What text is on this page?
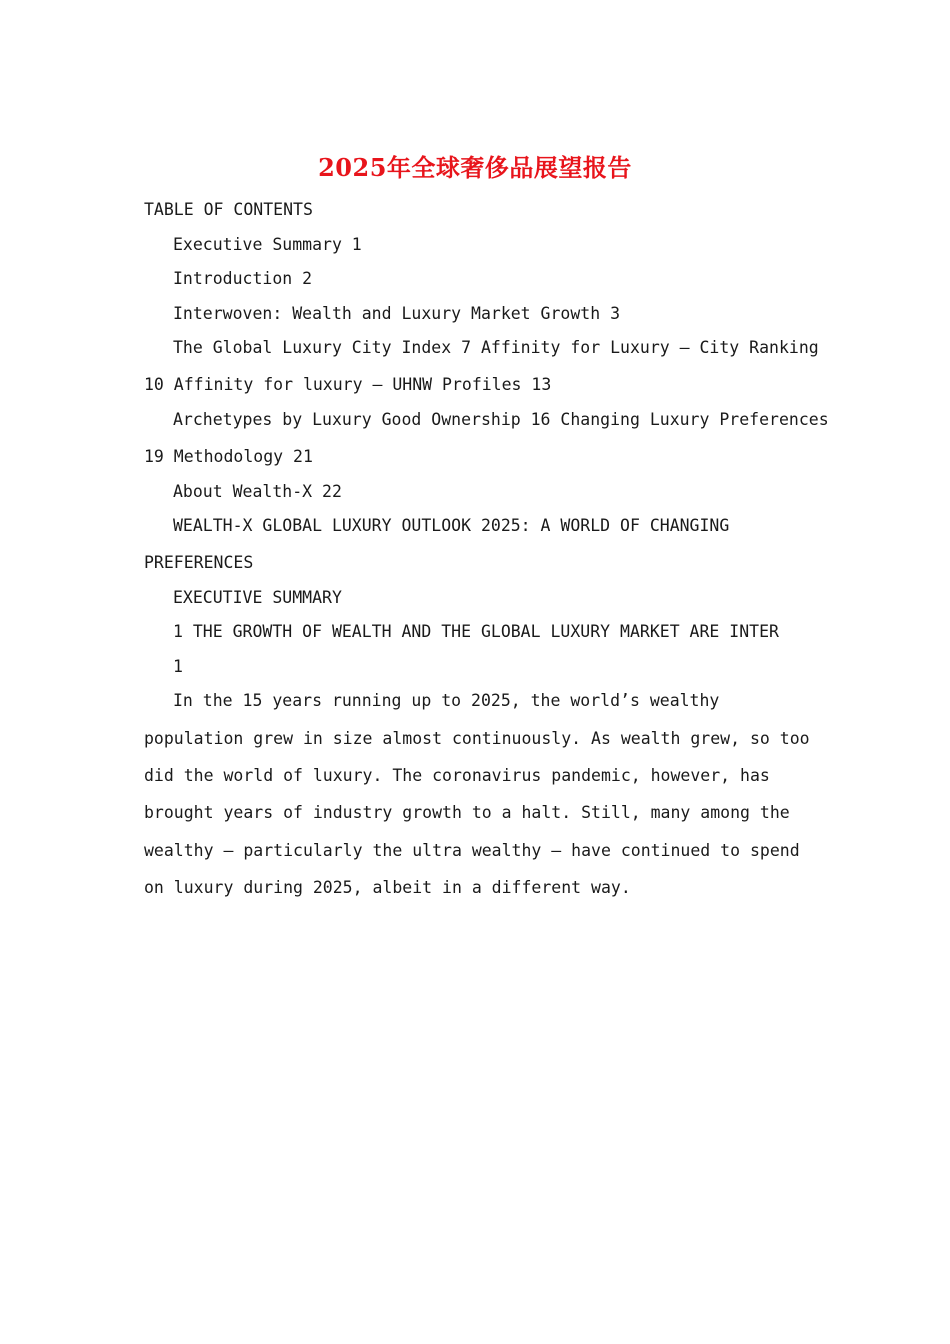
2025年全球奢侈品展望报告
TABLE OF CONTENTS
Executive Summary 1
Introduction 2
Interwoven: Wealth and Luxury Market Growth 3
The Global Luxury City Index 7 Affinity for Luxury – City Ranking
10 Affinity for luxury – UHNW Profiles 13
Archetypes by Luxury Good Ownership 16 Changing Luxury Preferences
19 Methodology 21
About Wealth-X 22
WEALTH-X GLOBAL LUXURY OUTLOOK 2025: A WORLD OF CHANGING
PREFERENCES
EXECUTIVE SUMMARY
1 THE GROWTH OF WEALTH AND THE GLOBAL LUXURY MARKET ARE INTER
1
In the 15 years running up to 2025, the world’s wealthy
population grew in size almost continuously. As wealth grew, so too
did the world of luxury. The coronavirus pandemic, however, has
brought years of industry growth to a halt. Still, many among the
wealthy – particularly the ultra wealthy – have continued to spend
on luxury during 2025, albeit in a different way.
